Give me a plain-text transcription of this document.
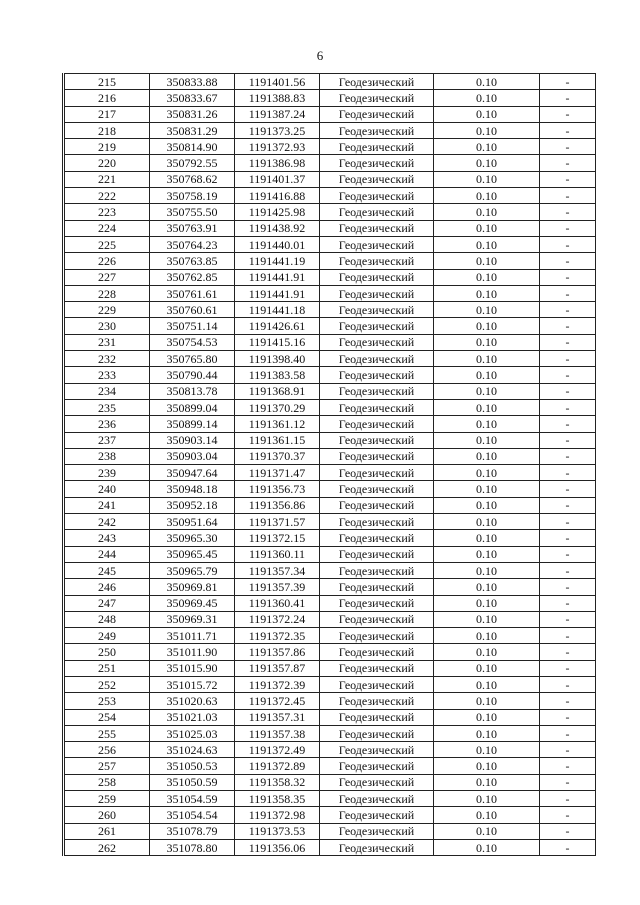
6
215	350833.88	1191401.56	Геодезический	0.10	-
216	350833.67	1191388.83	Геодезический	0.10	-
217	350831.26	1191387.24	Геодезический	0.10	-
218	350831.29	1191373.25	Геодезический	0.10	-
219	350814.90	1191372.93	Геодезический	0.10	-
220	350792.55	1191386.98	Геодезический	0.10	-
221	350768.62	1191401.37	Геодезический	0.10	-
222	350758.19	1191416.88	Геодезический	0.10	-
223	350755.50	1191425.98	Геодезический	0.10	-
224	350763.91	1191438.92	Геодезический	0.10	-
225	350764.23	1191440.01	Геодезический	0.10	-
226	350763.85	1191441.19	Геодезический	0.10	-
227	350762.85	1191441.91	Геодезический	0.10	-
228	350761.61	1191441.91	Геодезический	0.10	-
229	350760.61	1191441.18	Геодезический	0.10	-
230	350751.14	1191426.61	Геодезический	0.10	-
231	350754.53	1191415.16	Геодезический	0.10	-
232	350765.80	1191398.40	Геодезический	0.10	-
233	350790.44	1191383.58	Геодезический	0.10	-
234	350813.78	1191368.91	Геодезический	0.10	-
235	350899.04	1191370.29	Геодезический	0.10	-
236	350899.14	1191361.12	Геодезический	0.10	-
237	350903.14	1191361.15	Геодезический	0.10	-
238	350903.04	1191370.37	Геодезический	0.10	-
239	350947.64	1191371.47	Геодезический	0.10	-
240	350948.18	1191356.73	Геодезический	0.10	-
241	350952.18	1191356.86	Геодезический	0.10	-
242	350951.64	1191371.57	Геодезический	0.10	-
243	350965.30	1191372.15	Геодезический	0.10	-
244	350965.45	1191360.11	Геодезический	0.10	-
245	350965.79	1191357.34	Геодезический	0.10	-
246	350969.81	1191357.39	Геодезический	0.10	-
247	350969.45	1191360.41	Геодезический	0.10	-
248	350969.31	1191372.24	Геодезический	0.10	-
249	351011.71	1191372.35	Геодезический	0.10	-
250	351011.90	1191357.86	Геодезический	0.10	-
251	351015.90	1191357.87	Геодезический	0.10	-
252	351015.72	1191372.39	Геодезический	0.10	-
253	351020.63	1191372.45	Геодезический	0.10	-
254	351021.03	1191357.31	Геодезический	0.10	-
255	351025.03	1191357.38	Геодезический	0.10	-
256	351024.63	1191372.49	Геодезический	0.10	-
257	351050.53	1191372.89	Геодезический	0.10	-
258	351050.59	1191358.32	Геодезический	0.10	-
259	351054.59	1191358.35	Геодезический	0.10	-
260	351054.54	1191372.98	Геодезический	0.10	-
261	351078.79	1191373.53	Геодезический	0.10	-
262	351078.80	1191356.06	Геодезический	0.10	-
